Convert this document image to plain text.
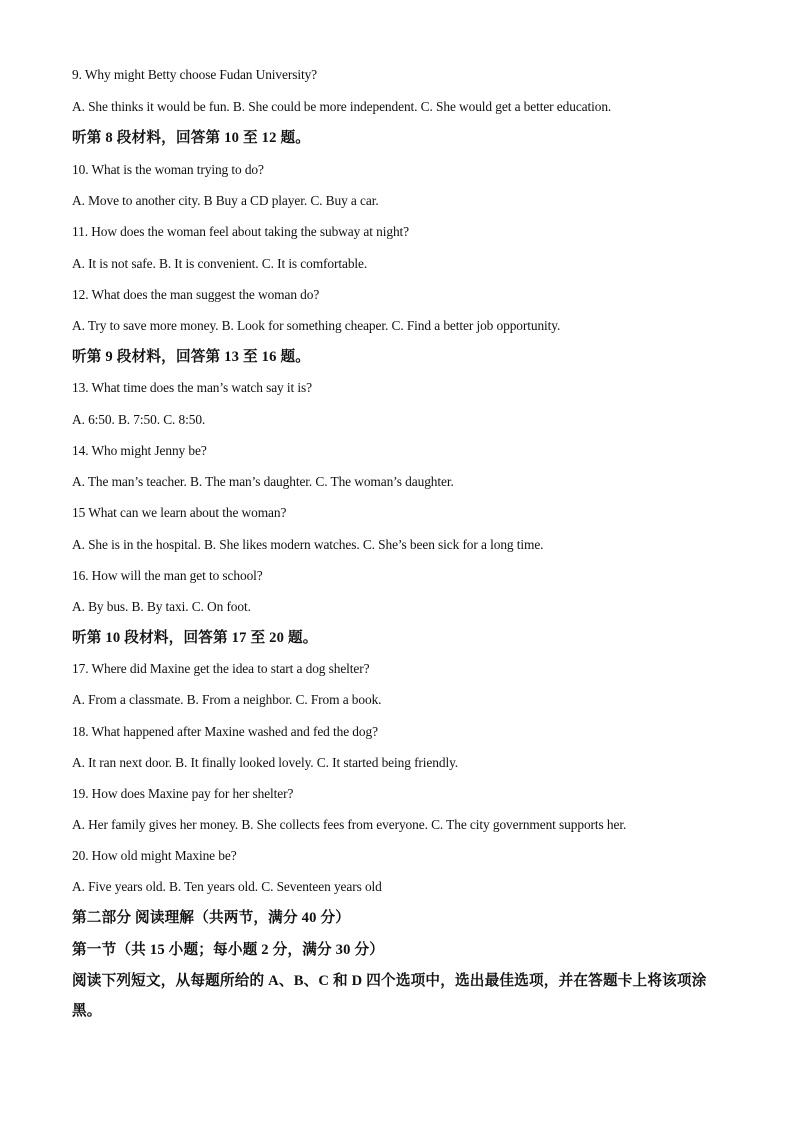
9. Why might Betty choose Fudan University?
A. She thinks it would be fun. B. She could be more independent. C. She would get a better education.
听第 8 段材料，回答第 10 至 12 题。
10. What is the woman trying to do?
A. Move to another city. B Buy a CD player. C. Buy a car.
11. How does the woman feel about taking the subway at night?
A. It is not safe. B. It is convenient. C. It is comfortable.
12. What does the man suggest the woman do?
A. Try to save more money. B. Look for something cheaper. C. Find a better job opportunity.
听第 9 段材料，回答第 13 至 16 题。
13. What time does the man’s watch say it is?
A. 6:50. B. 7:50. C. 8:50.
14. Who might Jenny be?
A. The man’s teacher. B. The man’s daughter. C. The woman’s daughter.
15 What can we learn about the woman?
A. She is in the hospital. B. She likes modern watches. C. She’s been sick for a long time.
16. How will the man get to school?
A. By bus. B. By taxi. C. On foot.
听第 10 段材料，回答第 17 至 20 题。
17. Where did Maxine get the idea to start a dog shelter?
A. From a classmate. B. From a neighbor. C. From a book.
18. What happened after Maxine washed and fed the dog?
A. It ran next door. B. It finally looked lovely. C. It started being friendly.
19. How does Maxine pay for her shelter?
A. Her family gives her money. B. She collects fees from everyone. C. The city government supports her.
20. How old might Maxine be?
A. Five years old. B. Ten years old. C. Seventeen years old
第二部分 阅读理解（共两节，满分 40 分）
第一节（共 15 小题；每小题 2 分，满分 30 分）
阅读下列短文，从每题所给的 A、B、C 和 D 四个选项中，选出最佳选项，并在答题卡上将该项涂黑。
